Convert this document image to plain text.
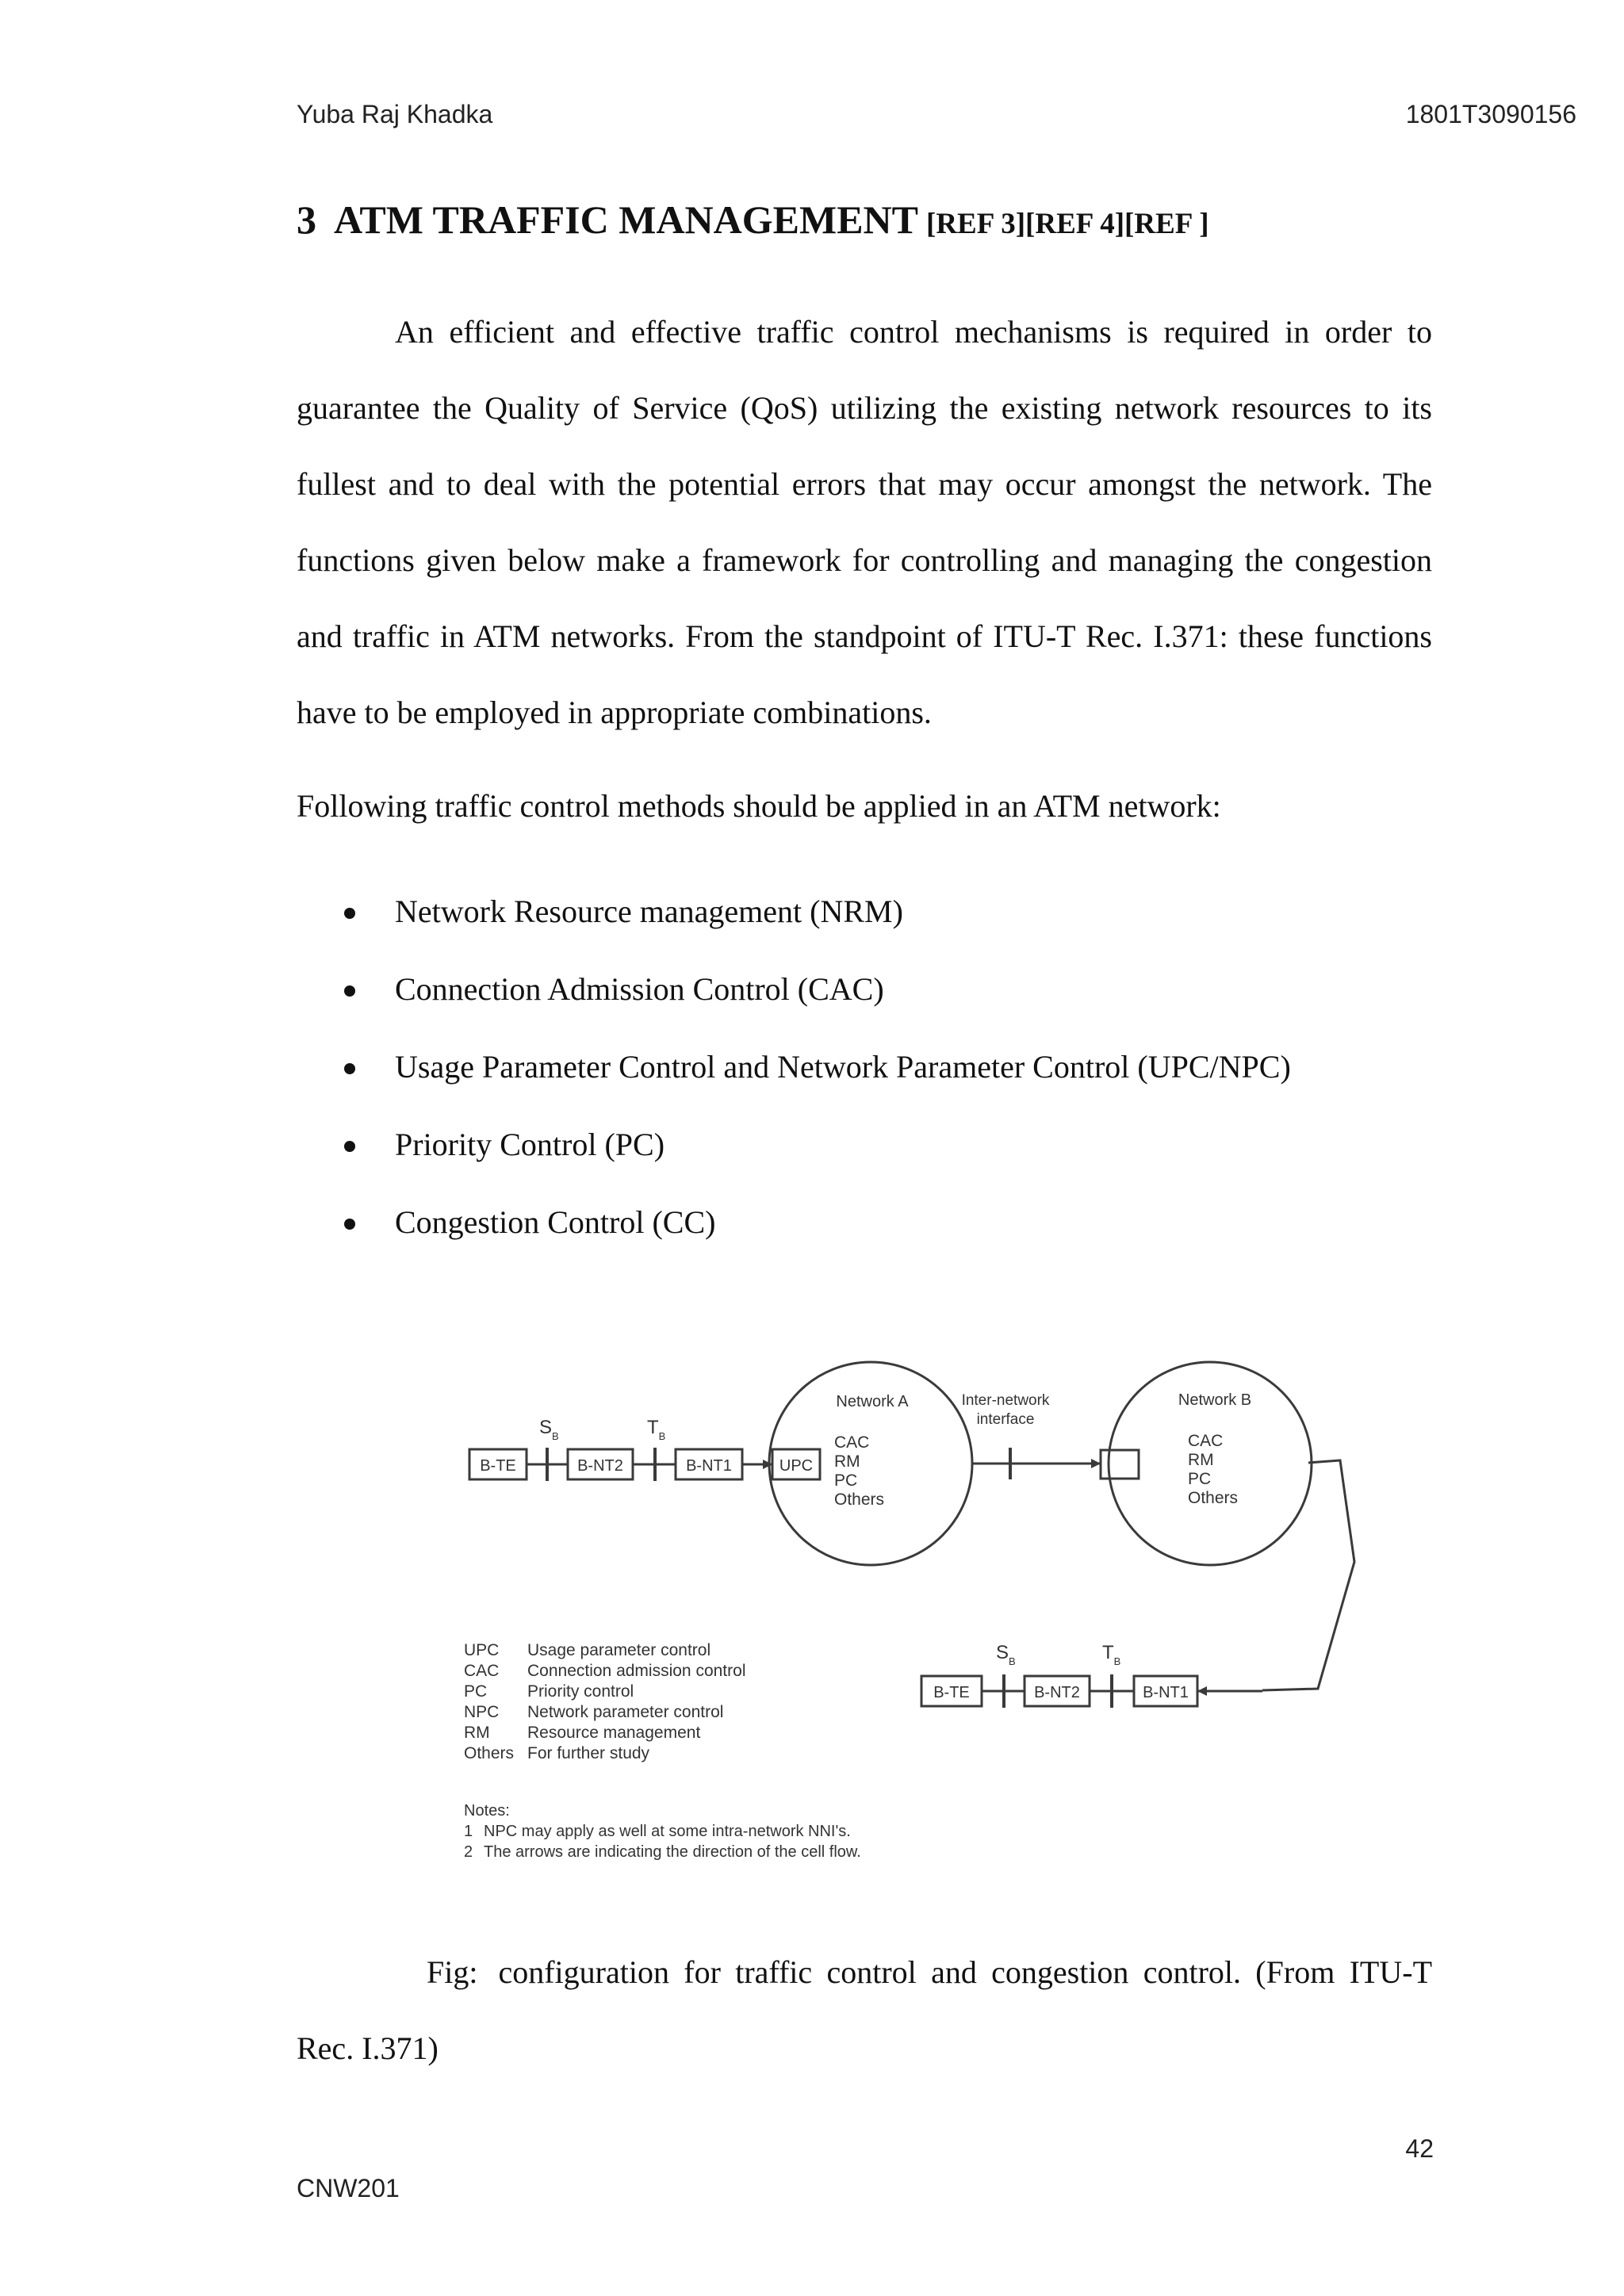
Yuba Raj Khadka	1801T3090156
3 ATM TRAFFIC MANAGEMENT [REF 3][REF 4][REF ]

An efficient and effective traffic control mechanisms is required in order to guarantee the Quality of Service (QoS) utilizing the existing network resources to its fullest and to deal with the potential errors that may occur amongst the network. The functions given below make a framework for controlling and managing the congestion and traffic in ATM networks. From the standpoint of ITU-T Rec. I.371: these functions have to be employed in appropriate combinations.

Following traffic control methods should be applied in an ATM network:

Network Resource management (NRM)
Connection Admission Control (CAC)
Usage Parameter Control and Network Parameter Control (UPC/NPC)
Priority Control (PC)
Congestion Control (CC)
B-TE
$S_B$
B-NT2
$T_B$
B-NT1	UPC
Network A
CAC
RM
PC
Others
Inter-network
interface
Network B
CAC
RM
PC
Others
B-TE
$S_B$
B-NT2
$T_B$
B-NT1
UPC Usage parameter control
CAC Connection admission control
PC Priority control
NPC Network parameter control
RM Resource management
Others For further study
Notes:
1 NPC may apply as well at some intra-network NNI's.
2 The arrows are indicating the direction of the cell flow.

Fig: configuration for traffic control and congestion control. (From ITU-T
Rec. I.371)

42
CNW201
